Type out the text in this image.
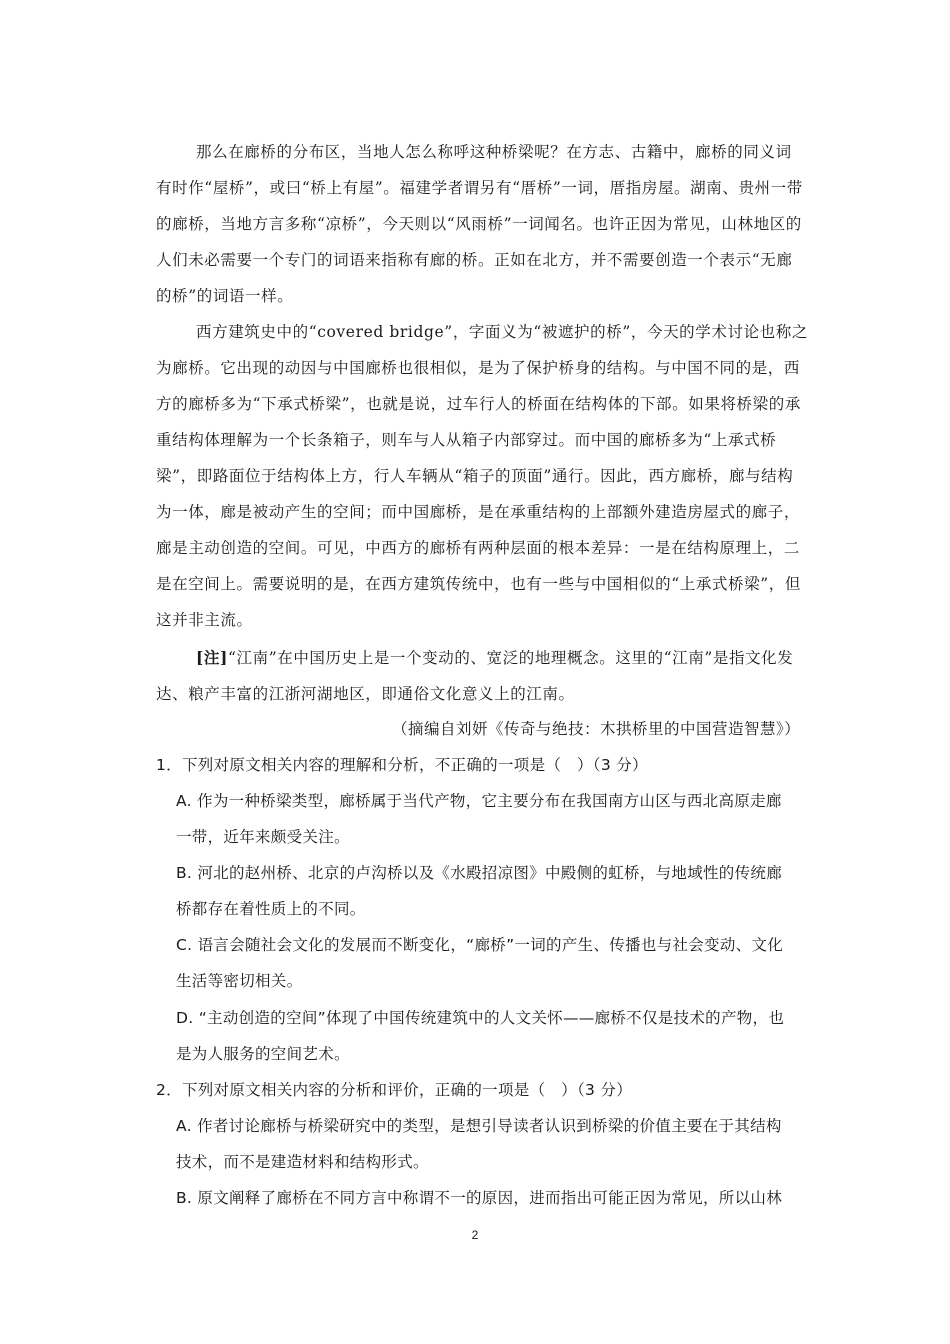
那么在廊桥的分布区，当地人怎么称呼这种桥梁呢？在方志、古籍中，廊桥的同义词
有时作“屋桥”，或曰“桥上有屋”。福建学者谓另有“厝桥”一词，厝指房屋。湖南、贵州一带
的廊桥，当地方言多称“凉桥”，今天则以“风雨桥”一词闻名。也许正因为常见，山林地区的
人们未必需要一个专门的词语来指称有廊的桥。正如在北方，并不需要创造一个表示“无廊
的桥”的词语一样。
西方建筑史中的“covered bridge”，字面义为“被遮护的桥”，今天的学术讨论也称之
为廊桥。它出现的动因与中国廊桥也很相似，是为了保护桥身的结构。与中国不同的是，西
方的廊桥多为“下承式桥梁”，也就是说，过车行人的桥面在结构体的下部。如果将桥梁的承
重结构体理解为一个长条箱子，则车与人从箱子内部穿过。而中国的廊桥多为“上承式桥
梁”，即路面位于结构体上方，行人车辆从“箱子的顶面”通行。因此，西方廊桥，廊与结构
为一体，廊是被动产生的空间；而中国廊桥，是在承重结构的上部额外建造房屋式的廊子，
廊是主动创造的空间。可见，中西方的廊桥有两种层面的根本差异：一是在结构原理上，二
是在空间上。需要说明的是，在西方建筑传统中，也有一些与中国相似的“上承式桥梁”，但
这并非主流。
[注]“江南”在中国历史上是一个变动的、宽泛的地理概念。这里的“江南”是指文化发
达、粮产丰富的江浙河湖地区，即通俗文化意义上的江南。
（摘编自刘妍《传奇与绝技：木拱桥里的中国营造智慧》）
1．下列对原文相关内容的理解和分析，不正确的一项是（　）（3 分）
A. 作为一种桥梁类型，廊桥属于当代产物，它主要分布在我国南方山区与西北高原走廊
一带，近年来颇受关注。
B. 河北的赵州桥、北京的卢沟桥以及《水殿招凉图》中殿侧的虹桥，与地域性的传统廊
桥都存在着性质上的不同。
C. 语言会随社会文化的发展而不断变化，“廊桥”一词的产生、传播也与社会变动、文化
生活等密切相关。
D. “主动创造的空间”体现了中国传统建筑中的人文关怀——廊桥不仅是技术的产物，也
是为人服务的空间艺术。
2．下列对原文相关内容的分析和评价，正确的一项是（　）（3 分）
A. 作者讨论廊桥与桥梁研究中的类型，是想引导读者认识到桥梁的价值主要在于其结构
技术，而不是建造材料和结构形式。
B. 原文阐释了廊桥在不同方言中称谓不一的原因，进而指出可能正因为常见，所以山林
2
